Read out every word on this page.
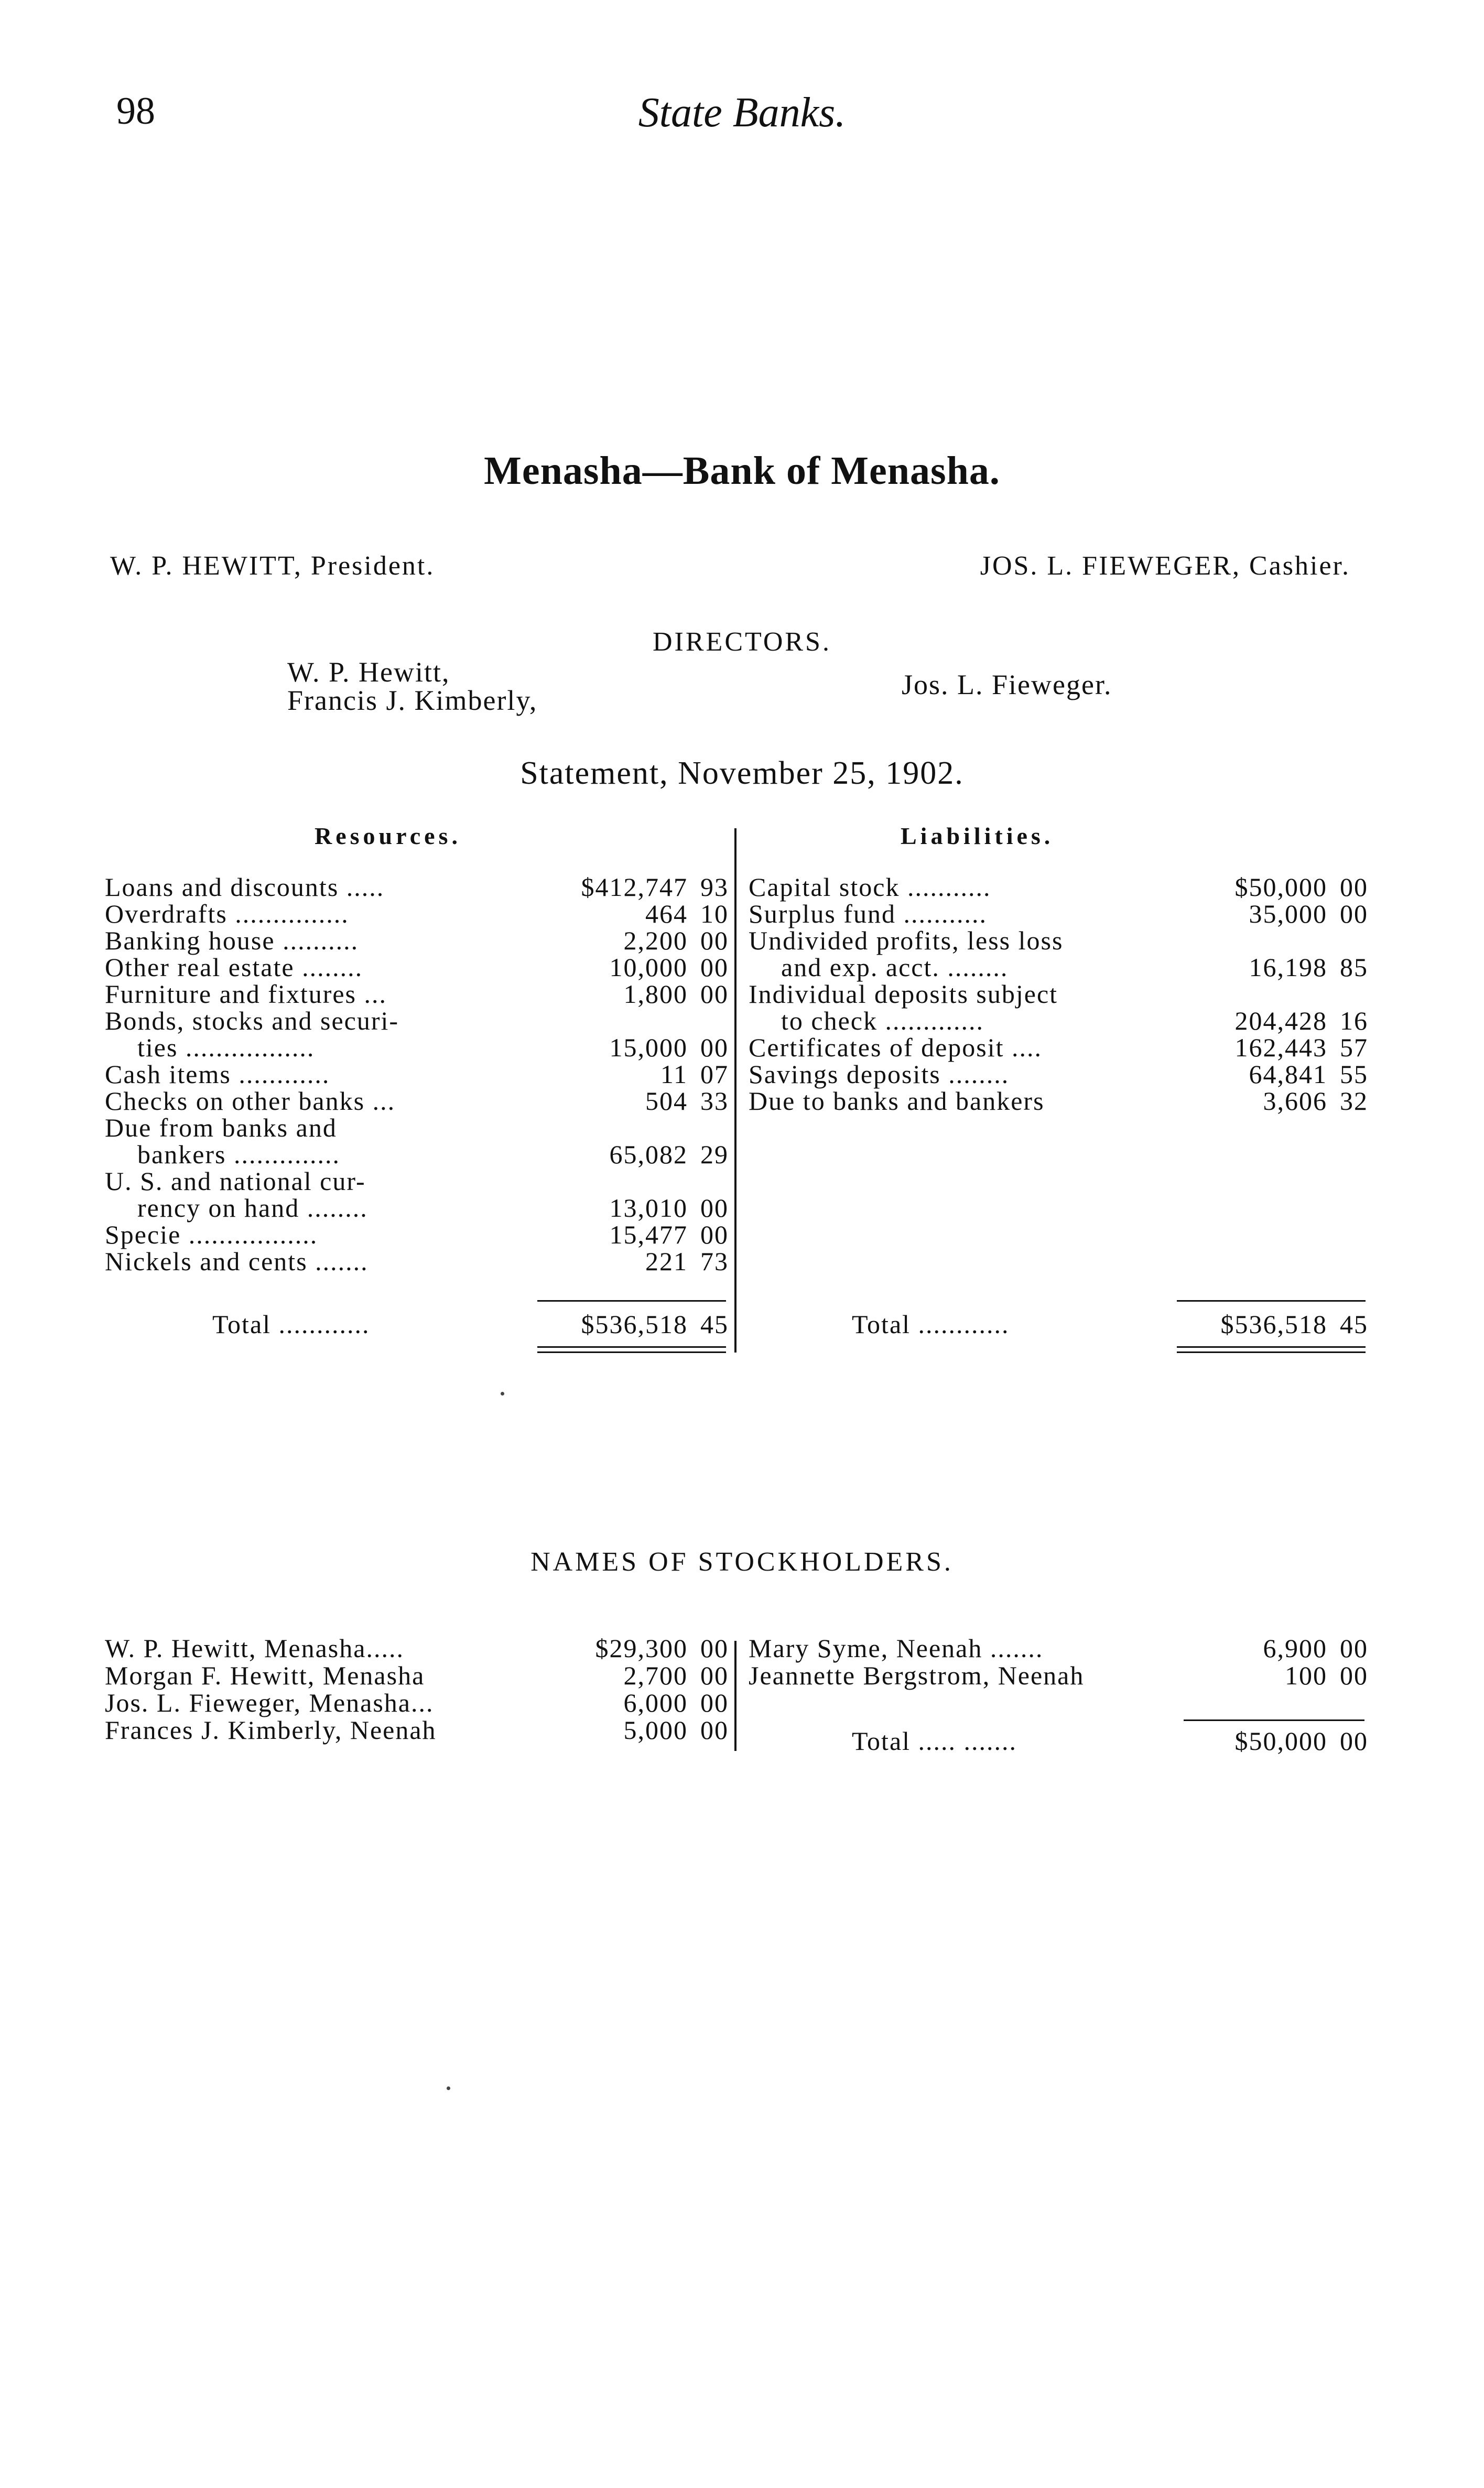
98	State Banks.
Menasha—Bank of Menasha.
W. P. HEWITT, President.	JOS. L. FIEWEGER, Cashier.
DIRECTORS.
W. P. Hewitt,
Francis J. Kimberly,	Jos. L. Fieweger.
Statement, November 25, 1902.
Resources.	Liabilities.
Loans and discounts .....	$412,747 93
Overdrafts ...............	464 10
Banking house ..........	2,200 00
Other real estate ........	10,000 00
Furniture and fixtures ...	1,800 00
Bonds, stocks and securi-
ties .................	15,000 00
Cash items ............	11 07
Checks on other banks ...	504 33
Due from banks and
bankers ..............	65,082 29
U. S. and national cur-
rency on hand ........	13,010 00
Specie .................	15,477 00
Nickels and cents .......	221 73
Capital stock ...........	$50,000 00
Surplus fund ...........	35,000 00
Undivided profits, less loss
and exp. acct. ........	16,198 85
Individual deposits subject
to check .............	204,428 16
Certificates of deposit ....	162,443 57
Savings deposits ........	64,841 55
Due to banks and bankers	3,606 32
Total ............	$536,518 45	Total ............	$536,518 45
NAMES OF STOCKHOLDERS.
W. P. Hewitt, Menasha.....	$29,300 00
Morgan F. Hewitt, Menasha	2,700 00
Jos. L. Fieweger, Menasha...	6,000 00
Frances J. Kimberly, Neenah	5,000 00
Mary Syme, Neenah .......	6,900 00
Jeannette Bergstrom, Neenah	100 00
Total ..... .......	$50,000 00
